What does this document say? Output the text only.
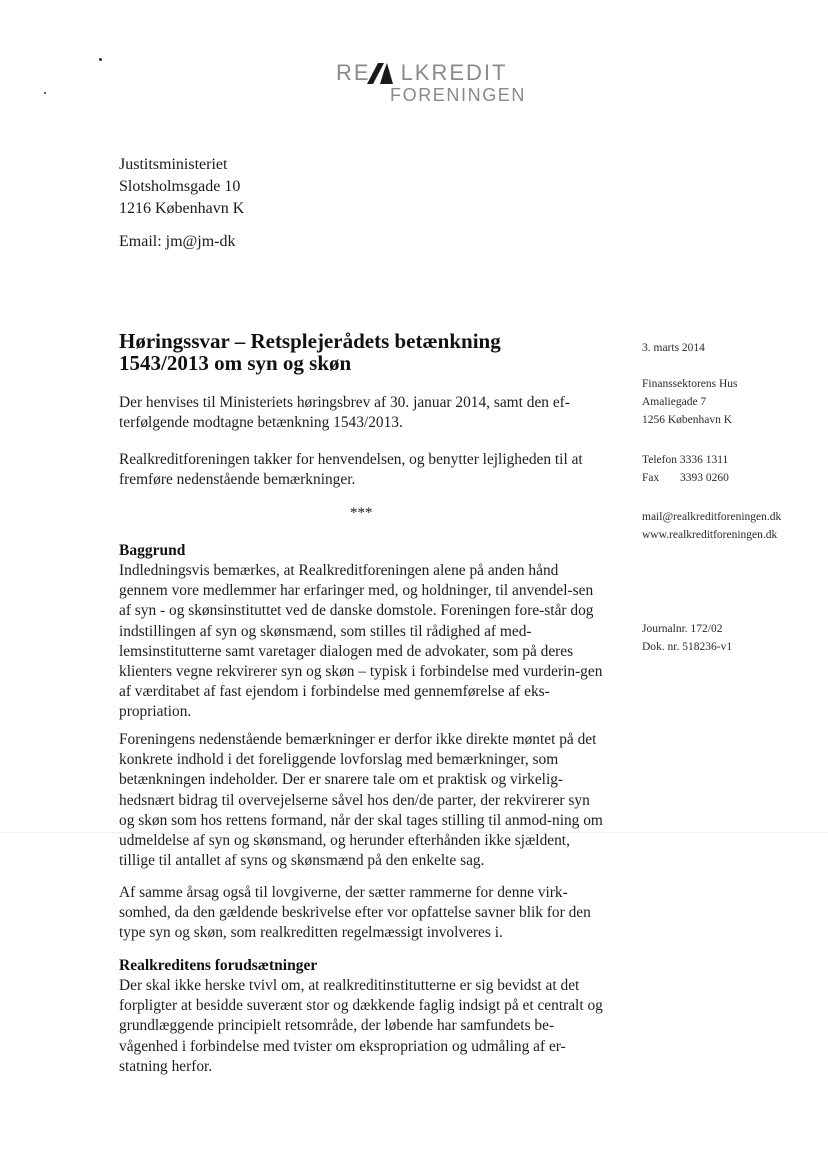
RE LKREDIT
FORENINGEN
Justitsministeriet
Slotsholmsgade 10
1216 København K
Email: jm@jm-dk
Høringssvar – Retsplejerådets betænkning
1543/2013 om syn og skøn

Der henvises til Ministeriets høringsbrev af 30. januar 2014, samt den ef-terfølgende modtagne betænkning 1543/2013.

Realkreditforeningen takker for henvendelsen, og benytter lejligheden til at fremføre nedenstående bemærkninger.

***
Baggrund

Indledningsvis bemærkes, at Realkreditforeningen alene på anden hånd gennem vore medlemmer har erfaringer med, og holdninger, til anvendel-sen af syn - og skønsinstituttet ved de danske domstole. Foreningen fore-står dog indstillingen af syn og skønsmænd, som stilles til rådighed af med-lemsinstitutterne samt varetager dialogen med de advokater, som på deres klienters vegne rekvirerer syn og skøn – typisk i forbindelse med vurderin-gen af værditabet af fast ejendom i forbindelse med gennemførelse af eks-propriation.

Foreningens nedenstående bemærkninger er derfor ikke direkte møntet på det konkrete indhold i det foreliggende lovforslag med bemærkninger, som betænkningen indeholder. Der er snarere tale om et praktisk og virkelig-hedsnært bidrag til overvejelserne såvel hos den/de parter, der rekvirerer syn og skøn som hos rettens formand, når der skal tages stilling til anmod-ning om udmeldelse af syn og skønsmand, og herunder efterhånden ikke sjældent, tillige til antallet af syns og skønsmænd på den enkelte sag.

Af samme årsag også til lovgiverne, der sætter rammerne for denne virk-somhed, da den gældende beskrivelse efter vor opfattelse savner blik for den type syn og skøn, som realkreditten regelmæssigt involveres i.

Realkreditens forudsætninger

Der skal ikke herske tvivl om, at realkreditinstitutterne er sig bevidst at det forpligter at besidde suverænt stor og dækkende faglig indsigt på et centralt og grundlæggende principielt retsområde, der løbende har samfundets be-vågenhed i forbindelse med tvister om ekspropriation og udmåling af er-statning herfor.

3. marts 2014
Finanssektorens Hus
Amaliegade 7
1256 København K
Telefon 3336 1311
Fax 3393 0260
mail@realkreditforeningen.dk
www.realkreditforeningen.dk
Journalnr. 172/02
Dok. nr. 518236-v1
